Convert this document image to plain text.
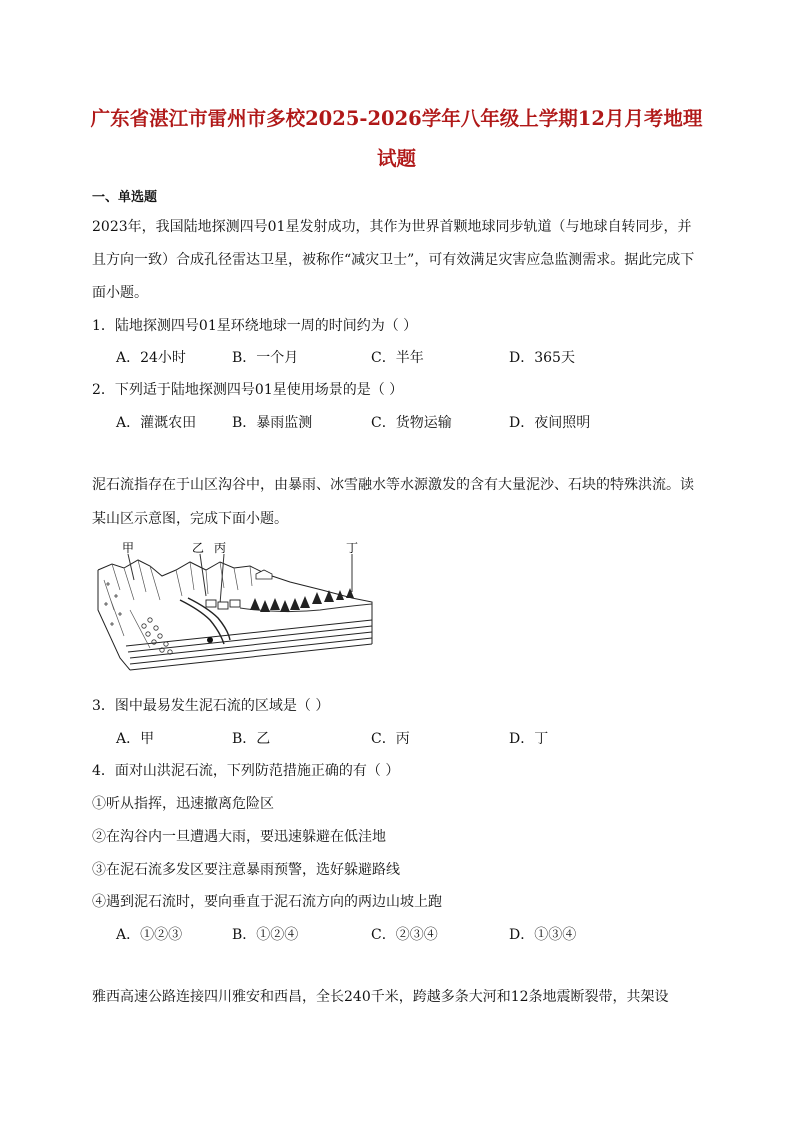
广东省湛江市雷州市多校2025-2026学年八年级上学期12月月考地理
试题
一、单选题
2023年，我国陆地探测四号01星发射成功，其作为世界首颗地球同步轨道（与地球自转同步，并
且方向一致）合成孔径雷达卫星，被称作“减灾卫士”，可有效满足灾害应急监测需求。据此完成下
面小题。
1．陆地探测四号01星环绕地球一周的时间约为（ ）
A．24小时	B．一个月	C．半年	D．365天
2．下列适于陆地探测四号01星使用场景的是（ ）
A．灌溉农田	B．暴雨监测	C．货物运输	D．夜间照明
泥石流指存在于山区沟谷中，由暴雨、冰雪融水等水源激发的含有大量泥沙、石块的特殊洪流。读
某山区示意图，完成下面小题。
甲	乙 丙	丁
3．图中最易发生泥石流的区域是（ ）
A．甲	B．乙	C．丙	D．丁
4．面对山洪泥石流，下列防范措施正确的有（ ）
①听从指挥，迅速撤离危险区
②在沟谷内一旦遭遇大雨，要迅速躲避在低洼地
③在泥石流多发区要注意暴雨预警，选好躲避路线
④遇到泥石流时，要向垂直于泥石流方向的两边山坡上跑
A．①②③	B．①②④	C．②③④	D．①③④
雅西高速公路连接四川雅安和西昌，全长240千米，跨越多条大河和12条地震断裂带，共架设
